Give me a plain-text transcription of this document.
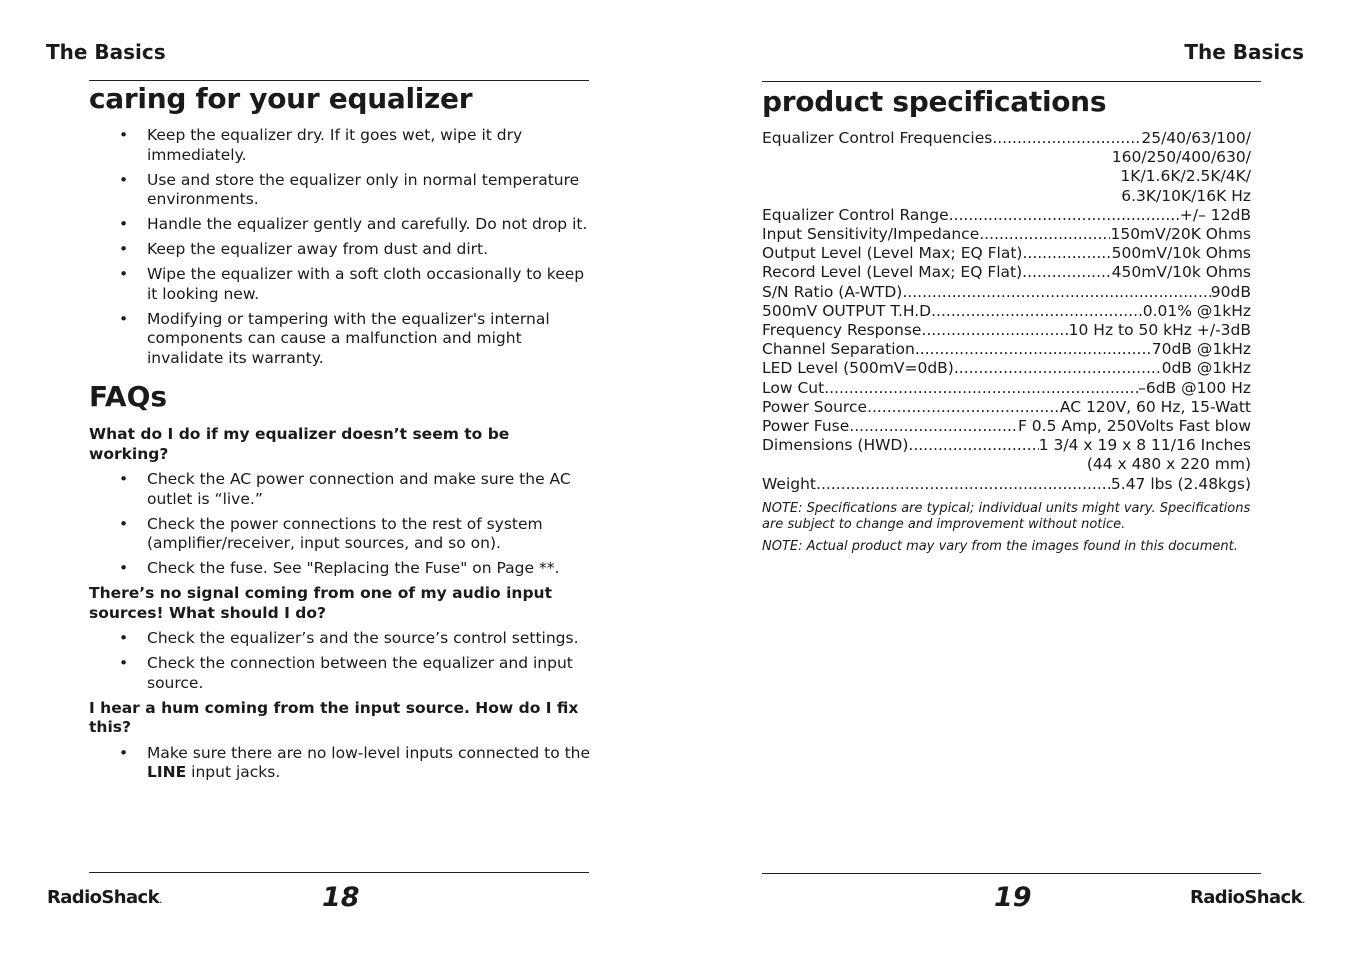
The Basics	The Basics
caring for your equalizer
• Keep the equalizer dry. If it goes wet, wipe it dry immediately.
• Use and store the equalizer only in normal temperature environments.
• Handle the equalizer gently and carefully. Do not drop it.
• Keep the equalizer away from dust and dirt.
• Wipe the equalizer with a soft cloth occasionally to keep it looking new.
• Modifying or tampering with the equalizer's internal components can cause a malfunction and might invalidate its warranty.
FAQs
What do I do if my equalizer doesn’t seem to be working?
• Check the AC power connection and make sure the AC outlet is “live.”
• Check the power connections to the rest of system (amplifier/receiver, input sources, and so on).
• Check the fuse. See "Replacing the Fuse" on Page **.
There’s no signal coming from one of my audio input sources! What should I do?
• Check the equalizer’s and the source’s control settings.
• Check the connection between the equalizer and input source.
I hear a hum coming from the input source. How do I fix this?
• Make sure there are no low-level inputs connected to the LINE input jacks.
product specifications
Equalizer Control Frequencies .....	25/40/63/100/
160/250/400/630/
1K/1.6K/2.5K/4K/
6.3K/10K/16K Hz
Equalizer Control Range .....	+/– 12dB
Input Sensitivity/Impedance .....	150mV/20K Ohms
Output Level (Level Max; EQ Flat) .....	500mV/10k Ohms
Record Level (Level Max; EQ Flat) .....	450mV/10k Ohms
S/N Ratio (A-WTD) .....	90dB
500mV OUTPUT T.H.D .....	0.01% @1kHz
Frequency Response .....	10 Hz to 50 kHz +/-3dB
Channel Separation .....	70dB @1kHz
LED Level (500mV=0dB) .....	0dB @1kHz
Low Cut .....	–6dB @100 Hz
Power Source .....	AC 120V, 60 Hz, 15-Watt
Power Fuse .....	F 0.5 Amp, 250Volts Fast blow
Dimensions (HWD) .....	1 3/4 x 19 x 8 11/16 Inches
(44 x 480 x 220 mm)
Weight .....	5.47 lbs (2.48kgs)
NOTE: Specifications are typical; individual units might vary. Specifications are subject to change and improvement without notice.
NOTE: Actual product may vary from the images found in this document.
RadioShack.	18	19	RadioShack.
